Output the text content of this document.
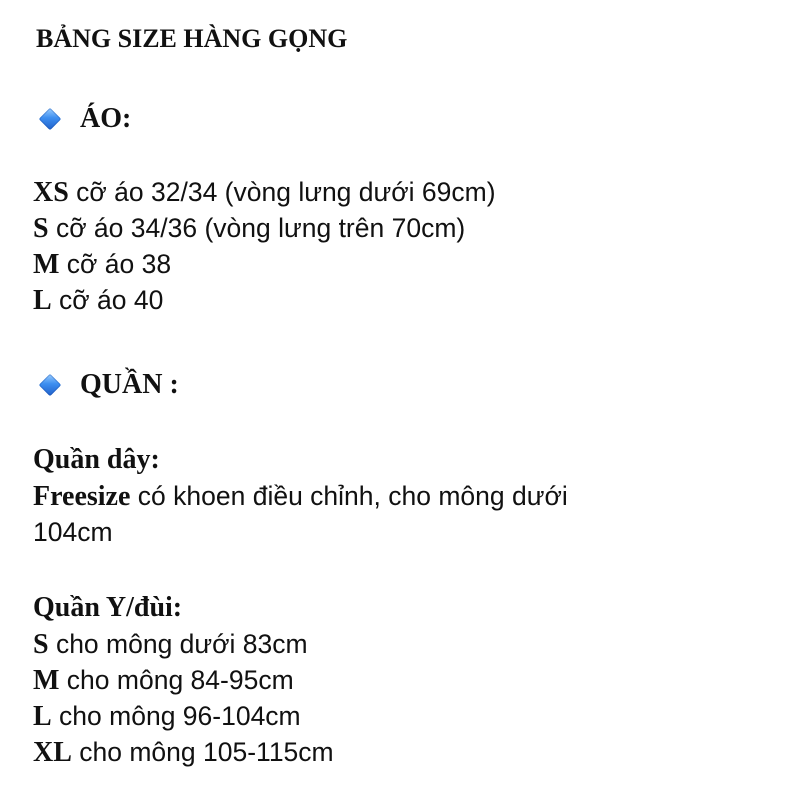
BẢNG SIZE HÀNG GỌNG
ÁO:
XS cỡ áo 32/34 (vòng lưng dưới 69cm)
S cỡ áo 34/36 (vòng lưng trên 70cm)
M cỡ áo 38
L cỡ áo 40
QUẦN :
Quần dây:
Freesize có khoen điều chỉnh, cho mông dưới
104cm
Quần Y/đùi:
S cho mông dưới 83cm
M cho mông 84-95cm
L cho mông 96-104cm
XL cho mông 105-115cm
